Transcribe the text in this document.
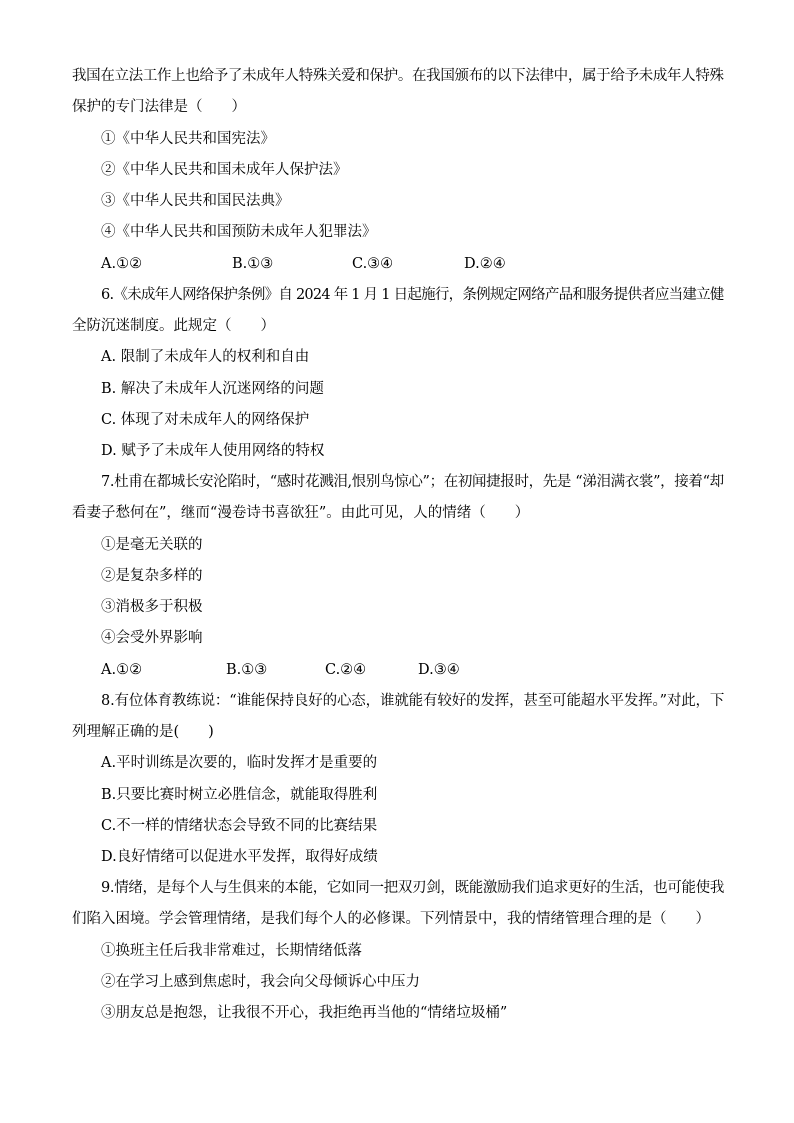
我国在立法工作上也给予了未成年人特殊关爱和保护。在我国颁布的以下法律中，属于给予未成年人特殊

保护的专门法律是（　　）

①《中华人民共和国宪法》

②《中华人民共和国未成年人保护法》

③《中华人民共和国民法典》

④《中华人民共和国预防未成年人犯罪法》

A.①②	B.①③	C.③④	D.②④

6.《未成年人网络保护条例》自 2024 年 1 月 1 日起施行，条例规定网络产品和服务提供者应当建立健

全防沉迷制度。此规定（　　）

A. 限制了未成年人的权利和自由

B. 解决了未成年人沉迷网络的问题

C. 体现了对未成年人的网络保护

D. 赋予了未成年人使用网络的特权

7.杜甫在都城长安沦陷时，“感时花溅泪,恨别鸟惊心”；在初闻捷报时，先是 “涕泪满衣裳”，接着“却

看妻子愁何在”，继而“漫卷诗书喜欲狂”。由此可见，人的情绪（　　）

①是毫无关联的

②是复杂多样的

③消极多于积极

④会受外界影响

A.①②	B.①③	C.②④	D.③④

8.有位体育教练说：“谁能保持良好的心态，谁就能有较好的发挥，甚至可能超水平发挥。”对此，下

列理解正确的是(　　)

A.平时训练是次要的，临时发挥才是重要的

B.只要比赛时树立必胜信念，就能取得胜利

C.不一样的情绪状态会导致不同的比赛结果

D.良好情绪可以促进水平发挥，取得好成绩

9.情绪，是每个人与生俱来的本能，它如同一把双刃剑，既能激励我们追求更好的生活，也可能使我

们陷入困境。学会管理情绪，是我们每个人的必修课。下列情景中，我的情绪管理合理的是（　　）

①换班主任后我非常难过，长期情绪低落

②在学习上感到焦虑时，我会向父母倾诉心中压力

③朋友总是抱怨，让我很不开心，我拒绝再当他的“情绪垃圾桶”
